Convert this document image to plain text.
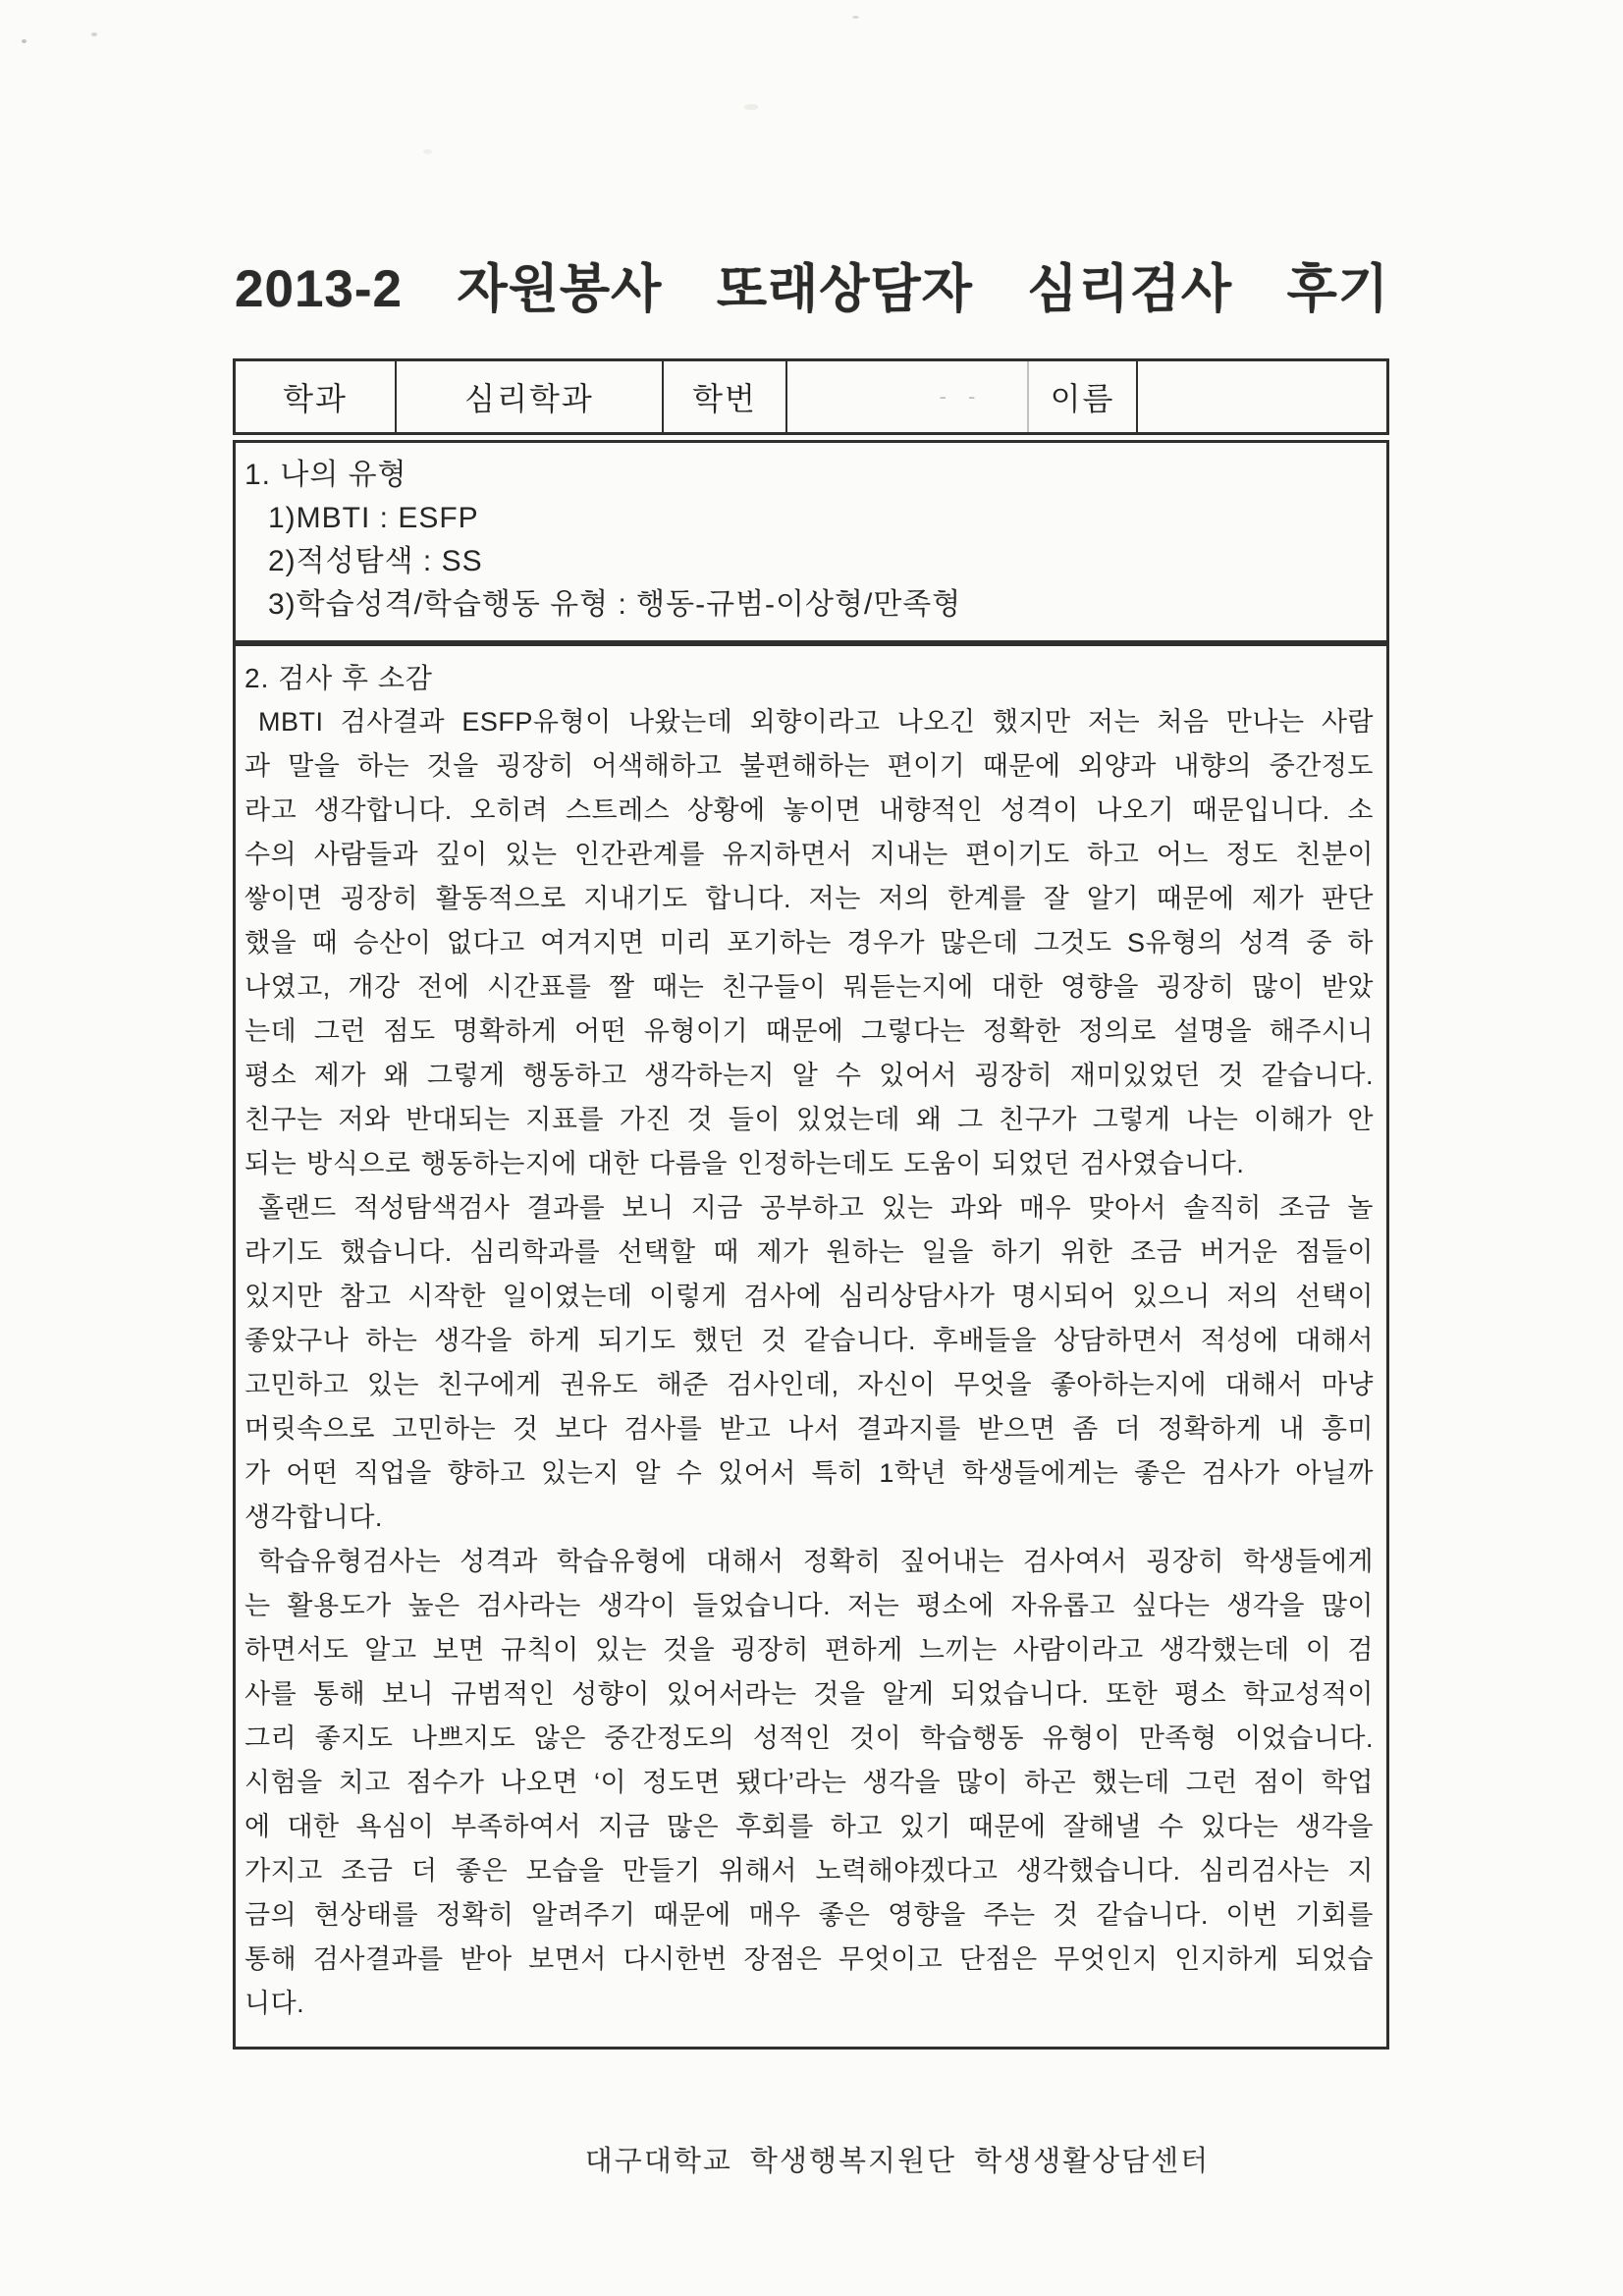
2013-2 자원봉사 또래상담자 심리검사 후기
학과	심리학과	학번	- -	이름
1. 나의 유형
1)MBTI : ESFP
2)적성탐색 : SS
3)학습성격/학습행동 유형 : 행동-규범-이상형/만족형
2. 검사 후 소감
MBTI 검사결과 ESFP유형이 나왔는데 외향이라고 나오긴 했지만 저는 처음 만나는 사람
과 말을 하는 것을 굉장히 어색해하고 불편해하는 편이기 때문에 외양과 내향의 중간정도
라고 생각합니다. 오히려 스트레스 상황에 놓이면 내향적인 성격이 나오기 때문입니다. 소
수의 사람들과 깊이 있는 인간관계를 유지하면서 지내는 편이기도 하고 어느 정도 친분이
쌓이면 굉장히 활동적으로 지내기도 합니다. 저는 저의 한계를 잘 알기 때문에 제가 판단
했을 때 승산이 없다고 여겨지면 미리 포기하는 경우가 많은데 그것도 S유형의 성격 중 하
나였고, 개강 전에 시간표를 짤 때는 친구들이 뭐듣는지에 대한 영향을 굉장히 많이 받았
는데 그런 점도 명확하게 어떤 유형이기 때문에 그렇다는 정확한 정의로 설명을 해주시니
평소 제가 왜 그렇게 행동하고 생각하는지 알 수 있어서 굉장히 재미있었던 것 같습니다.
친구는 저와 반대되는 지표를 가진 것 들이 있었는데 왜 그 친구가 그렇게 나는 이해가 안
되는 방식으로 행동하는지에 대한 다름을 인정하는데도 도움이 되었던 검사였습니다.
홀랜드 적성탐색검사 결과를 보니 지금 공부하고 있는 과와 매우 맞아서 솔직히 조금 놀
라기도 했습니다. 심리학과를 선택할 때 제가 원하는 일을 하기 위한 조금 버거운 점들이
있지만 참고 시작한 일이였는데 이렇게 검사에 심리상담사가 명시되어 있으니 저의 선택이
좋았구나 하는 생각을 하게 되기도 했던 것 같습니다. 후배들을 상담하면서 적성에 대해서
고민하고 있는 친구에게 권유도 해준 검사인데, 자신이 무엇을 좋아하는지에 대해서 마냥
머릿속으로 고민하는 것 보다 검사를 받고 나서 결과지를 받으면 좀 더 정확하게 내 흥미
가 어떤 직업을 향하고 있는지 알 수 있어서 특히 1학년 학생들에게는 좋은 검사가 아닐까
생각합니다.
학습유형검사는 성격과 학습유형에 대해서 정확히 짚어내는 검사여서 굉장히 학생들에게
는 활용도가 높은 검사라는 생각이 들었습니다. 저는 평소에 자유롭고 싶다는 생각을 많이
하면서도 알고 보면 규칙이 있는 것을 굉장히 편하게 느끼는 사람이라고 생각했는데 이 검
사를 통해 보니 규범적인 성향이 있어서라는 것을 알게 되었습니다. 또한 평소 학교성적이
그리 좋지도 나쁘지도 않은 중간정도의 성적인 것이 학습행동 유형이 만족형 이었습니다.
시험을 치고 점수가 나오면 ‘이 정도면 됐다’라는 생각을 많이 하곤 했는데 그런 점이 학업
에 대한 욕심이 부족하여서 지금 많은 후회를 하고 있기 때문에 잘해낼 수 있다는 생각을
가지고 조금 더 좋은 모습을 만들기 위해서 노력해야겠다고 생각했습니다. 심리검사는 지
금의 현상태를 정확히 알려주기 때문에 매우 좋은 영향을 주는 것 같습니다. 이번 기회를
통해 검사결과를 받아 보면서 다시한번 장점은 무엇이고 단점은 무엇인지 인지하게 되었습
니다.
대구대학교 학생행복지원단 학생생활상담센터
